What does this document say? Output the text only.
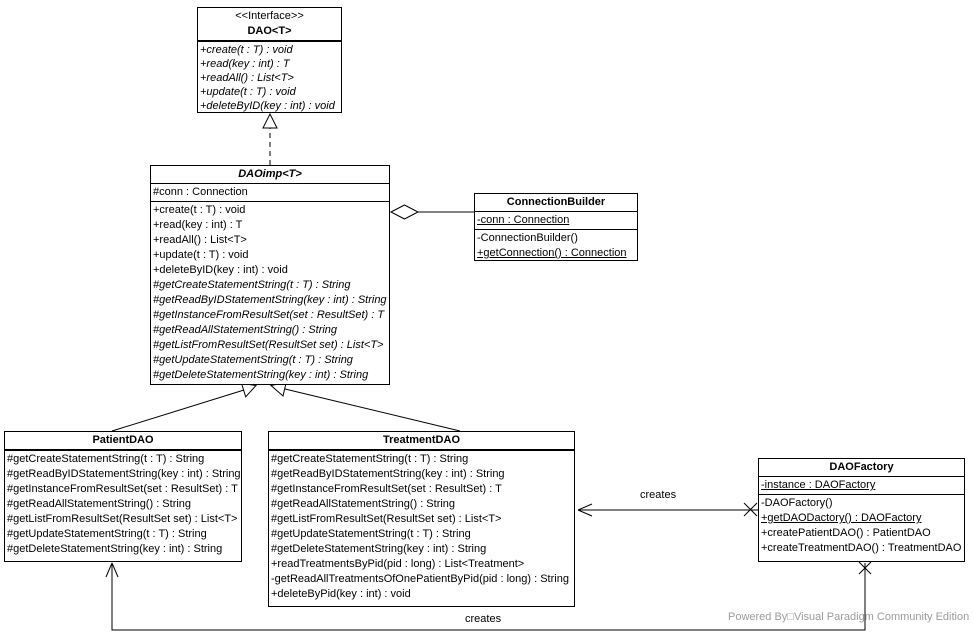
<<Interface>>
DAO<T>
+create(t : T) : void
+read(key : int) : T
+readAll() : List<T>
+update(t : T) : void
+deleteByID(key : int) : void
DAOimp<T>
#conn : Connection
+create(t : T) : void
+read(key : int) : T
+readAll() : List<T>
+update(t : T) : void
+deleteByID(key : int) : void
#getCreateStatementString(t : T) : String
#getReadByIDStatementString(key : int) : String
#getInstanceFromResultSet(set : ResultSet) : T
#getReadAllStatementString() : String
#getListFromResultSet(ResultSet set) : List<T>
#getUpdateStatementString(t : T) : String
#getDeleteStatementString(key : int) : String
ConnectionBuilder
-conn : Connection
-ConnectionBuilder()
+getConnection() : Connection
PatientDAO
#getCreateStatementString(t : T) : String
#getReadByIDStatementString(key : int) : String
#getInstanceFromResultSet(set : ResultSet) : T
#getReadAllStatementString() : String
#getListFromResultSet(ResultSet set) : List<T>
#getUpdateStatementString(t : T) : String
#getDeleteStatementString(key : int) : String
TreatmentDAO
#getCreateStatementString(t : T) : String
#getReadByIDStatementString(key : int) : String
#getInstanceFromResultSet(set : ResultSet) : T
#getReadAllStatementString() : String
#getListFromResultSet(ResultSet set) : List<T>
#getUpdateStatementString(t : T) : String
#getDeleteStatementString(key : int) : String
+readTreatmentsByPid(pid : long) : List<Treatment>
-getReadAllTreatmentsOfOnePatientByPid(pid : long) : String
+deleteByPid(key : int) : void
DAOFactory
-instance : DAOFactory
-DAOFactory()
+getDAODactory() : DAOFactory
+createPatientDAO() : PatientDAO
+createTreatmentDAO() : TreatmentDAO
creates
creates	Powered By□Visual Paradigm Community Edition
